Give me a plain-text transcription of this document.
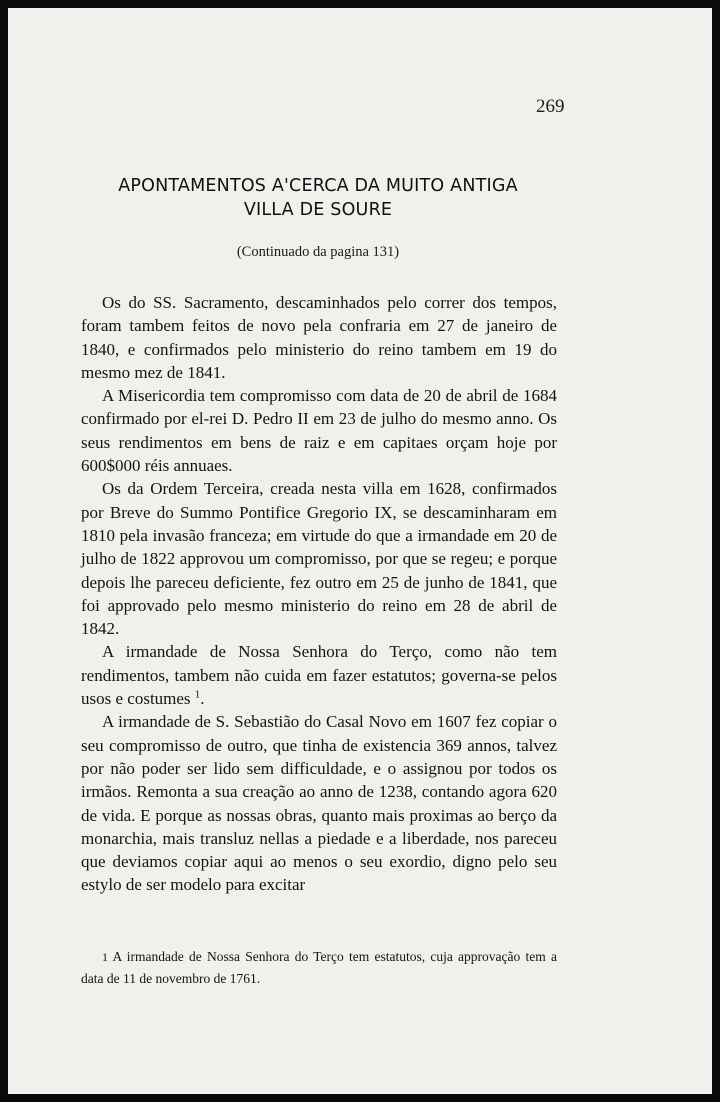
269
APONTAMENTOS A'CERCA DA MUITO ANTIGA
VILLA DE SOURE
(Continuado da pagina 131)

Os do SS. Sacramento, descaminhados pelo correr dos tempos, foram tambem feitos de novo pela confraria em 27 de janeiro de 1840, e confirmados pelo ministerio do reino tambem em 19 do mesmo mez de 1841.

A Misericordia tem compromisso com data de 20 de abril de 1684 confirmado por el-rei D. Pedro II em 23 de julho do mesmo anno. Os seus rendimentos em bens de raiz e em capitaes orçam hoje por 600$000 réis annuaes.

Os da Ordem Terceira, creada nesta villa em 1628, confirmados por Breve do Summo Pontifice Gregorio IX, se descaminharam em 1810 pela invasão franceza; em virtude do que a irmandade em 20 de julho de 1822 approvou um compromisso, por que se regeu; e porque depois lhe pareceu deficiente, fez outro em 25 de junho de 1841, que foi approvado pelo mesmo ministerio do reino em 28 de abril de 1842.

A irmandade de Nossa Senhora do Terço, como não tem rendimentos, tambem não cuida em fazer estatutos; governa-se pelos usos e costumes $^1$.

A irmandade de S. Sebastião do Casal Novo em 1607 fez copiar o seu compromisso de outro, que tinha de existencia 369 annos, talvez por não poder ser lido sem difficuldade, e o assignou por todos os irmãos. Remonta a sua creação ao anno de 1238, contando agora 620 de vida. E porque as nossas obras, quanto mais proximas ao berço da monarchia, mais transluz nellas a piedade e a liberdade, nos pareceu que deviamos copiar aqui ao menos o seu exordio, digno pelo seu estylo de ser modelo para excitar

1 A irmandade de Nossa Senhora do Terço tem estatutos, cuja approvação tem a data de 11 de novembro de 1761.
